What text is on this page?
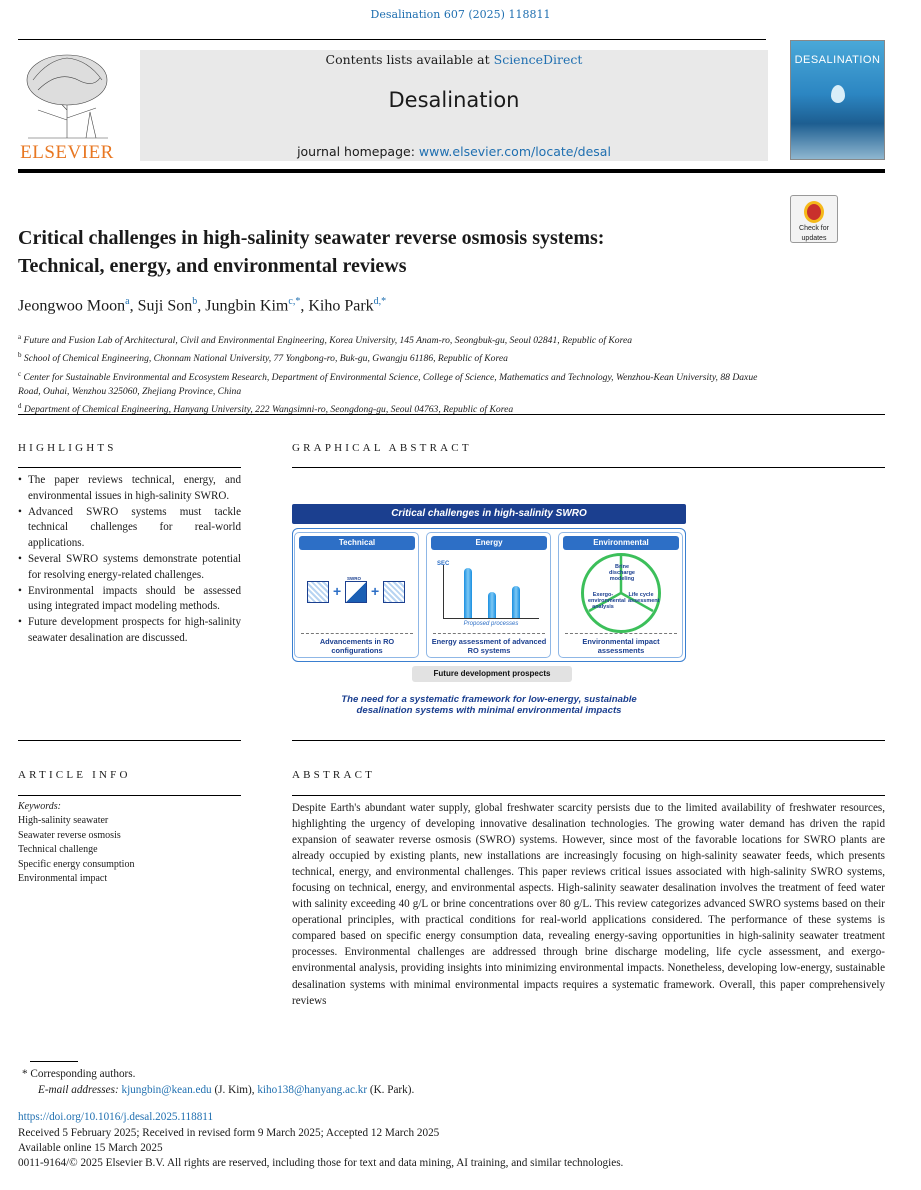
Desalination 607 (2025) 118811
ELSEVIER
Contents lists available at ScienceDirect
Desalination
journal homepage: www.elsevier.com/locate/desal
DESALINATION
Check for
updates
Critical challenges in high-salinity seawater reverse osmosis systems:
Technical, energy, and environmental reviews
Jeongwoo Moon$^a$, Suji Son$^b$, Jungbin Kim$^{c,*}$, Kiho Park$^{d,*}$
$^a$ Future and Fusion Lab of Architectural, Civil and Environmental Engineering, Korea University, 145 Anam-ro, Seongbuk-gu, Seoul 02841, Republic of Korea
$^b$ School of Chemical Engineering, Chonnam National University, 77 Yongbong-ro, Buk-gu, Gwangju 61186, Republic of Korea
$^c$ Center for Sustainable Environmental and Ecosystem Research, Department of Environmental Science, College of Science, Mathematics and Technology, Wenzhou-Kean University, 88 Daxue Road, Ouhai, Wenzhou 325060, Zhejiang Province, China
$^d$ Department of Chemical Engineering, Hanyang University, 222 Wangsimni-ro, Seongdong-gu, Seoul 04763, Republic of Korea
HIGHLIGHTS	GRAPHICAL ABSTRACT
• The paper reviews technical, energy, and environmental issues in high-salinity SWRO.
• Advanced SWRO systems must tackle technical challenges for real-world applications.
• Several SWRO systems demonstrate potential for resolving energy-related challenges.
• Environmental impacts should be assessed using integrated impact modeling methods.
• Future development prospects for high-salinity seawater desalination are discussed.
Critical challenges in high-salinity SWRO
Technical
+
SWRO
+
Advancements in RO configurations
Energy
SEC
Proposed processes
Energy assessment of advanced RO systems
Environmental
Brine discharge modeling
Life cycle assessment
Exergo-environmental analysis
Environmental impact assessments
Future development prospects
The need for a systematic framework for low-energy, sustainable
desalination systems with minimal environmental impacts
ARTICLE INFO	ABSTRACT
Keywords:
High-salinity seawater
Seawater reverse osmosis
Technical challenge
Specific energy consumption
Environmental impact

Despite Earth's abundant water supply, global freshwater scarcity persists due to the limited availability of freshwater resources, highlighting the urgency of developing innovative desalination technologies. The growing water demand has driven the rapid expansion of seawater reverse osmosis (SWRO) systems. However, since most of the favorable locations for SWRO plants are already occupied by existing plants, new installations are increasingly focusing on high-salinity seawater feeds, which presents technical, energy, and environmental challenges. This paper reviews critical issues associated with high-salinity SWRO systems, focusing on technical, energy, and environmental aspects. High-salinity seawater desalination involves the treatment of feed water with salinity exceeding 40 g/L or brine concentrations over 80 g/L. This review categorizes advanced SWRO systems based on their operational principles, with practical conditions for real-world applications considered. The performance of these systems is compared based on specific energy consumption data, revealing energy-saving opportunities in high-salinity seawater treatment processes. Environmental challenges are addressed through brine discharge modeling, life cycle assessment, and exergo-environmental analysis, providing insights into minimizing environmental impacts. Nonetheless, developing low-energy, sustainable desalination systems with minimal environmental impacts requires a systematic framework. Overall, this paper comprehensively reviews

* Corresponding authors.
E-mail addresses: kjungbin@kean.edu (J. Kim), kiho138@hanyang.ac.kr (K. Park).
https://doi.org/10.1016/j.desal.2025.118811
Received 5 February 2025; Received in revised form 9 March 2025; Accepted 12 March 2025
Available online 15 March 2025
0011-9164/© 2025 Elsevier B.V. All rights are reserved, including those for text and data mining, AI training, and similar technologies.
